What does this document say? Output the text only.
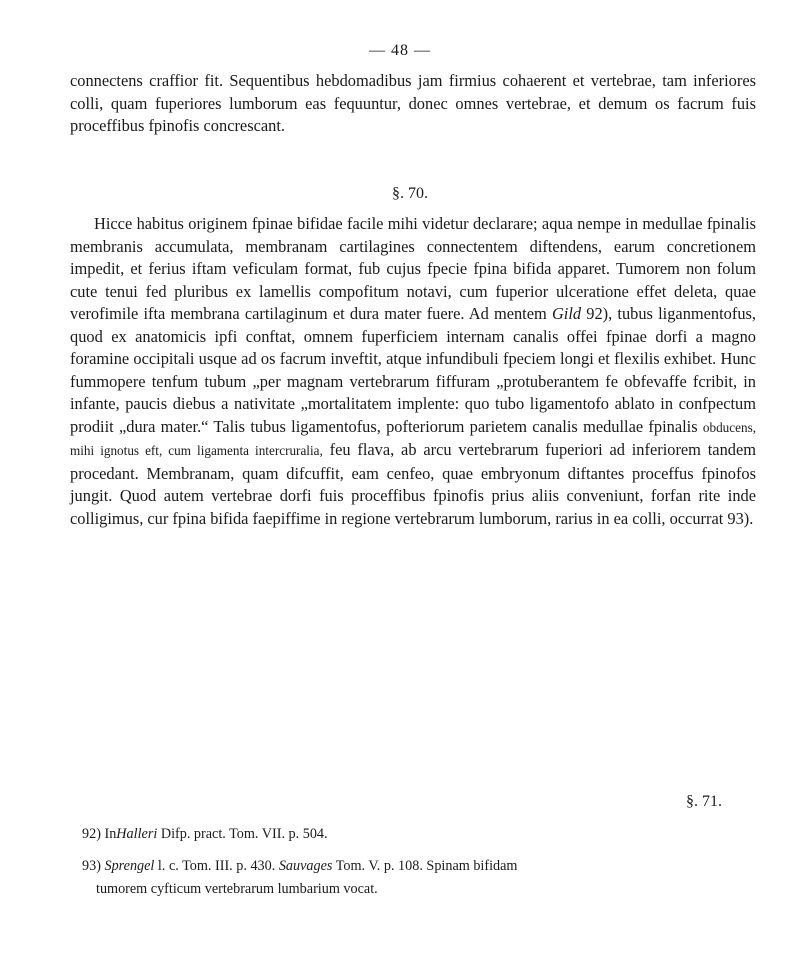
— 48 —
connectens craffior fit. Sequentibus hebdomadibus jam firmius cohaerent et vertebrae, tam inferiores colli, quam fuperiores lumborum eas fequuntur, donec omnes vertebrae, et demum os facrum fuis proceffibus fpinofis concrescant.
§. 70.
Hicce habitus originem fpinae bifidae facile mihi videtur declarare; aqua nempe in medullae fpinalis membranis accumulata, membranam cartilagines connectentem diftendens, earum concretionem impedit, et ferius iftam veficulam format, fub cujus fpecie fpina bifida apparet. Tumorem non folum cute tenui fed pluribus ex lamellis compofitum notavi, cum fuperior ulceratione effet deleta, quae verofimile ifta membrana cartilaginum et dura mater fuere. Ad mentem Gild 92), tubus liganmentofus, quod ex anatomicis ipfi conftat, omnem fuperficiem internam canalis offei fpinae dorfi a magno foramine occipitali usque ad os facrum inveftit, atque infundibuli fpeciem longi et flexilis exhibet. Hunc fummopere tenfum tubum „per magnam vertebrarum fiffuram „protuberantem fe obfevaffe fcribit, in infante, paucis diebus a nativitate „mortalitatem implente: quo tubo ligamentofo ablato in confpectum prodiit „dura mater.“ Talis tubus ligamentofus, pofteriorum parietem canalis medullae fpinalis obducens, mihi ignotus eft, cum ligamenta intercruralia, feu flava, ab arcu vertebrarum fuperiori ad inferiorem tandem procedant. Membranam, quam difcuffit, eam cenfeo, quae embryonum diftantes proceffus fpinofos jungit. Quod autem vertebrae dorfi fuis proceffibus fpinofis prius aliis conveniunt, forfan rite inde colligimus, cur fpina bifida faepiffime in regione vertebrarum lumborum, rarius in ea colli, occurrat 93).
§. 71.
92) InHalleri Difp. pract. Tom. VII. p. 504.
93) Sprengel l. c. Tom. III. p. 430. Sauvages Tom. V. p. 108. Spinam bifidam
tumorem cyfticum vertebrarum lumbarium vocat.
